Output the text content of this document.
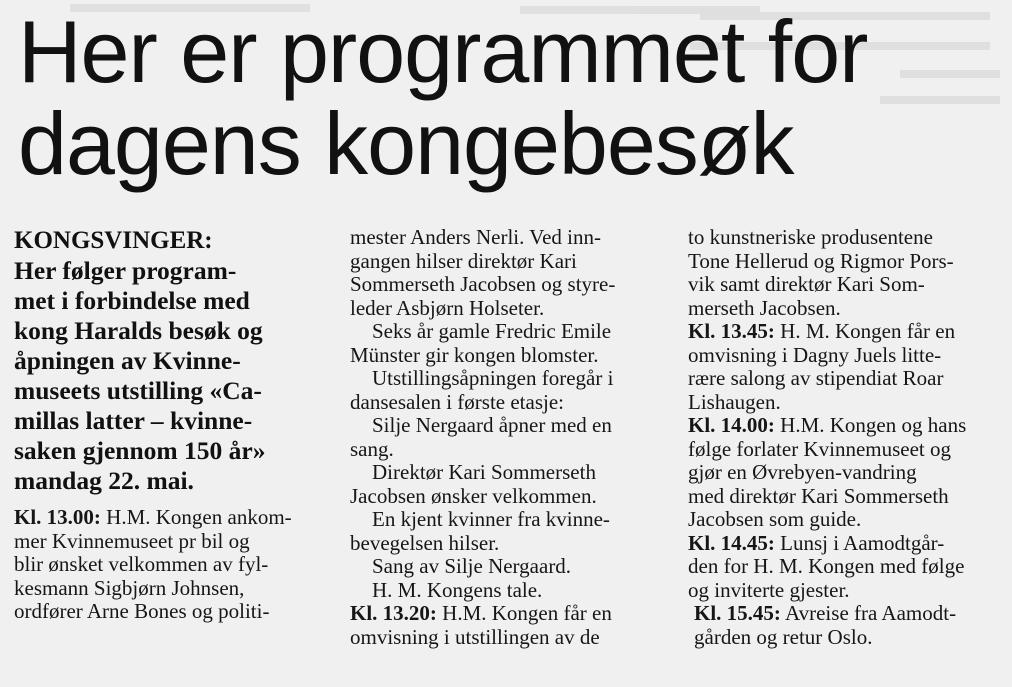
Her er programmet for
dagens kongebesøk

KONGSVINGER:

Her følger program-
met i forbindelse med
kong Haralds besøk og
åpningen av Kvinne-
museets utstilling «Ca-
millas latter – kvinne-
saken gjennom 150 år»
mandag 22. mai.

Kl. 13.00: H.M. Kongen ankom-
mer Kvinnemuseet pr bil og
blir ønsket velkommen av fyl-
kesmann Sigbjørn Johnsen,
ordfører Arne Bones og politi-

mester Anders Nerli. Ved inn-
gangen hilser direktør Kari
Sommerseth Jacobsen og styre-
leder Asbjørn Holseter.

Seks år gamle Fredric Emile
Münster gir kongen blomster.

Utstillingsåpningen foregår i
dansesalen i første etasje:

Silje Nergaard åpner med en
sang.

Direktør Kari Sommerseth
Jacobsen ønsker velkommen.

En kjent kvinner fra kvinne-
bevegelsen hilser.

Sang av Silje Nergaard.

H. M. Kongens tale.

Kl. 13.20: H.M. Kongen får en
omvisning i utstillingen av de

to kunstneriske produsentene
Tone Hellerud og Rigmor Pors-
vik samt direktør Kari Som-
merseth Jacobsen.

Kl. 13.45: H. M. Kongen får en
omvisning i Dagny Juels litte-
rære salong av stipendiat Roar
Lishaugen.

Kl. 14.00: H.M. Kongen og hans
følge forlater Kvinnemuseet og
gjør en Øvrebyen-vandring
med direktør Kari Sommerseth
Jacobsen som guide.

Kl. 14.45: Lunsj i Aamodtgår-
den for H. M. Kongen med følge
og inviterte gjester.

Kl. 15.45: Avreise fra Aamodt-
gården og retur Oslo.
